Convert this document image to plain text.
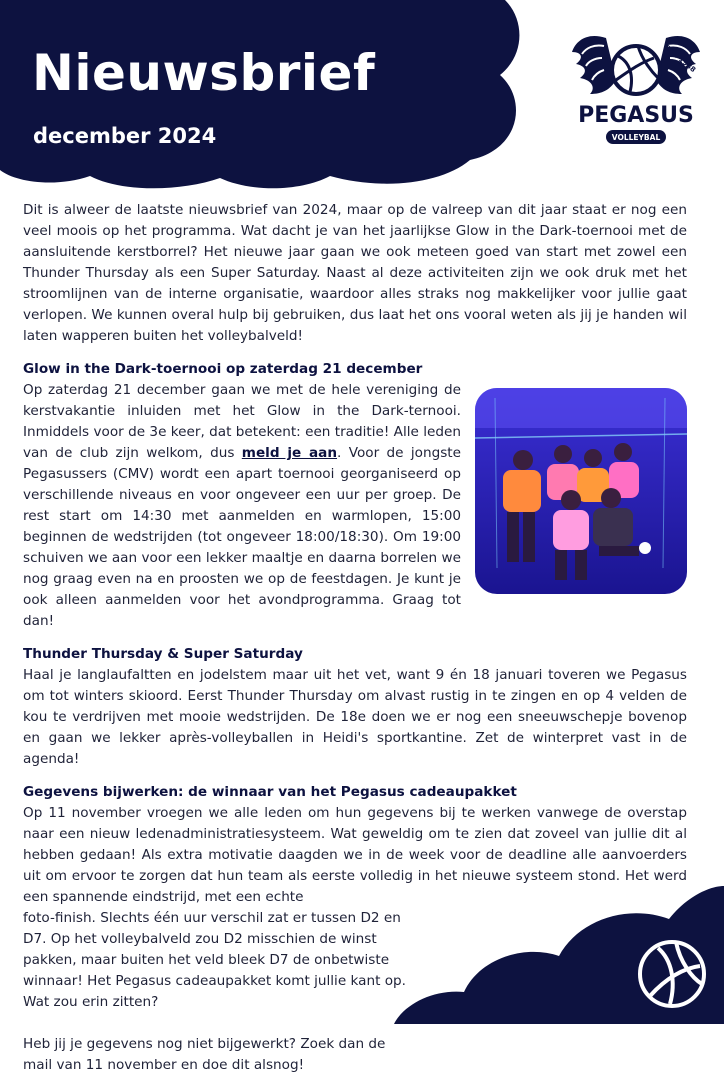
Nieuwsbrief
december 2024
EST. 1988
PEGASUS
VOLLEYBAL

Dit is alweer de laatste nieuwsbrief van 2024, maar op de valreep van dit jaar staat er nog een veel moois op het programma. Wat dacht je van het jaarlijkse Glow in the Dark-toernooi met de aansluitende kerstborrel? Het nieuwe jaar gaan we ook meteen goed van start met zowel een Thunder Thursday als een Super Saturday. Naast al deze activiteiten zijn we ook druk met het stroomlijnen van de interne organisatie, waardoor alles straks nog makkelijker voor jullie gaat verlopen. We kunnen overal hulp bij gebruiken, dus laat het ons vooral weten als jij je handen wil laten wapperen buiten het volleybalveld!

Glow in the Dark-toernooi op zaterdag 21 december

Op zaterdag 21 december gaan we met de hele vereniging de kerstvakantie inluiden met het Glow in the Dark-ternooi. Inmiddels voor de 3e keer, dat betekent: een traditie! Alle leden van de club zijn welkom, dus meld je aan. Voor de jongste Pegasussers (CMV) wordt een apart toernooi georganiseerd op verschillende niveaus en voor ongeveer een uur per groep. De rest start om 14:30 met aanmelden en warmlopen, 15:00 beginnen de wedstrijden (tot ongeveer 18:00/18:30). Om 19:00 schuiven we aan voor een lekker maaltje en daarna borrelen we nog graag even na en proosten we op de feestdagen. Je kunt je ook alleen aanmelden voor het avondprogramma. Graag tot dan!

Thunder Thursday & Super Saturday

Haal je langlaufaltten en jodelstem maar uit het vet, want 9 én 18 januari toveren we Pegasus om tot winters skioord. Eerst Thunder Thursday om alvast rustig in te zingen en op 4 velden de kou te verdrijven met mooie wedstrijden. De 18e doen we er nog een sneeuwschepje bovenop en gaan we lekker après-volleyballen in Heidi's sportkantine. Zet de winterpret vast in de agenda!

Gegevens bijwerken: de winnaar van het Pegasus cadeaupakket

Op 11 november vroegen we alle leden om hun gegevens bij te werken vanwege de overstap naar een nieuw ledenadministratiesysteem. Wat geweldig om te zien dat zoveel van jullie dit al hebben gedaan! Als extra motivatie daagden we in de week voor de deadline alle aanvoerders uit om ervoor te zorgen dat hun team als eerste volledig in het nieuwe systeem stond. Het werd een spannende eindstrijd, met een echte

foto-finish. Slechts één uur verschil zat er tussen D2 en D7. Op het volleybalveld zou D2 misschien de winst pakken, maar buiten het veld bleek D7 de onbetwiste winnaar! Het Pegasus cadeaupakket komt jullie kant op. Wat zou erin zitten?

Heb jij je gegevens nog niet bijgewerkt? Zoek dan de mail van 11 november en doe dit alsnog!
